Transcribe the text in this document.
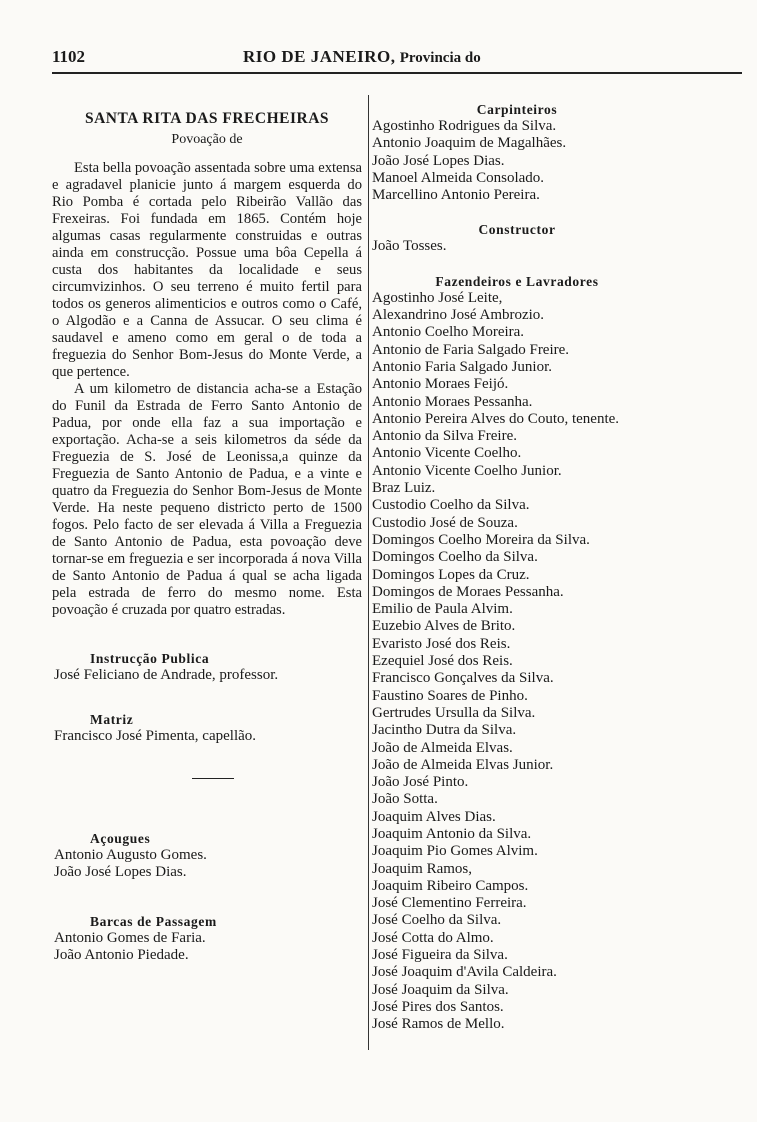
1102	RIO DE JANEIRO, Provincia do

SANTA RITA DAS FRECHEIRAS

Povoação de

Esta bella povoação assentada sobre uma extensa e agradavel planicie junto á margem esquerda do Rio Pomba é cortada pelo Ribeirão Vallão das Frexeiras. Foi fundada em 1865. Contém hoje algumas casas regularmente construidas e outras ainda em construcção. Possue uma bôa Cepella á custa dos habitantes da localidade e seus circumvizinhos. O seu terreno é muito fertil para todos os generos alimenticios e outros como o Café, o Algodão e a Canna de Assucar. O seu clima é saudavel e ameno como em geral o de toda a freguezia do Senhor Bom-Jesus do Monte Verde, a que pertence.

A um kilometro de distancia acha-se a Estação do Funil da Estrada de Ferro Santo Antonio de Padua, por onde ella faz a sua importação e exportação. Acha-se a seis kilometros da séde da Freguezia de S. José de Leonissa,a quinze da Freguezia de Santo Antonio de Padua, e a vinte e quatro da Freguezia do Senhor Bom-Jesus de Monte Verde. Ha neste pequeno districto perto de 1500 fogos. Pelo facto de ser elevada á Villa a Freguezia de Santo Antonio de Padua, esta povoação deve tornar-se em freguezia e ser incorporada á nova Villa de Santo Antonio de Padua á qual se acha ligada pela estrada de ferro do mesmo nome. Esta povoação é cruzada por quatro estradas.

Instrucção Publica

José Feliciano de Andrade, professor.

Matriz

Francisco José Pimenta, capellão.

Açougues

Antonio Augusto Gomes.

João José Lopes Dias.

Barcas de Passagem

Antonio Gomes de Faria.

João Antonio Piedade.

Carpinteiros

Agostinho Rodrigues da Silva.

Antonio Joaquim de Magalhães.

João José Lopes Dias.

Manoel Almeida Consolado.

Marcellino Antonio Pereira.

Constructor

João Tosses.

Fazendeiros e Lavradores

Agostinho José Leite,

Alexandrino José Ambrozio.

Antonio Coelho Moreira.

Antonio de Faria Salgado Freire.

Antonio Faria Salgado Junior.

Antonio Moraes Feijó.

Antonio Moraes Pessanha.

Antonio Pereira Alves do Couto, tenente.

Antonio da Silva Freire.

Antonio Vicente Coelho.

Antonio Vicente Coelho Junior.

Braz Luiz.

Custodio Coelho da Silva.

Custodio José de Souza.

Domingos Coelho Moreira da Silva.

Domingos Coelho da Silva.

Domingos Lopes da Cruz.

Domingos de Moraes Pessanha.

Emilio de Paula Alvim.

Euzebio Alves de Brito.

Evaristo José dos Reis.

Ezequiel José dos Reis.

Francisco Gonçalves da Silva.

Faustino Soares de Pinho.

Gertrudes Ursulla da Silva.

Jacintho Dutra da Silva.

João de Almeida Elvas.

João de Almeida Elvas Junior.

João José Pinto.

João Sotta.

Joaquim Alves Dias.

Joaquim Antonio da Silva.

Joaquim Pio Gomes Alvim.

Joaquim Ramos,

Joaquim Ribeiro Campos.

José Clementino Ferreira.

José Coelho da Silva.

José Cotta do Almo.

José Figueira da Silva.

José Joaquim d'Avila Caldeira.

José Joaquim da Silva.

José Pires dos Santos.

José Ramos de Mello.
